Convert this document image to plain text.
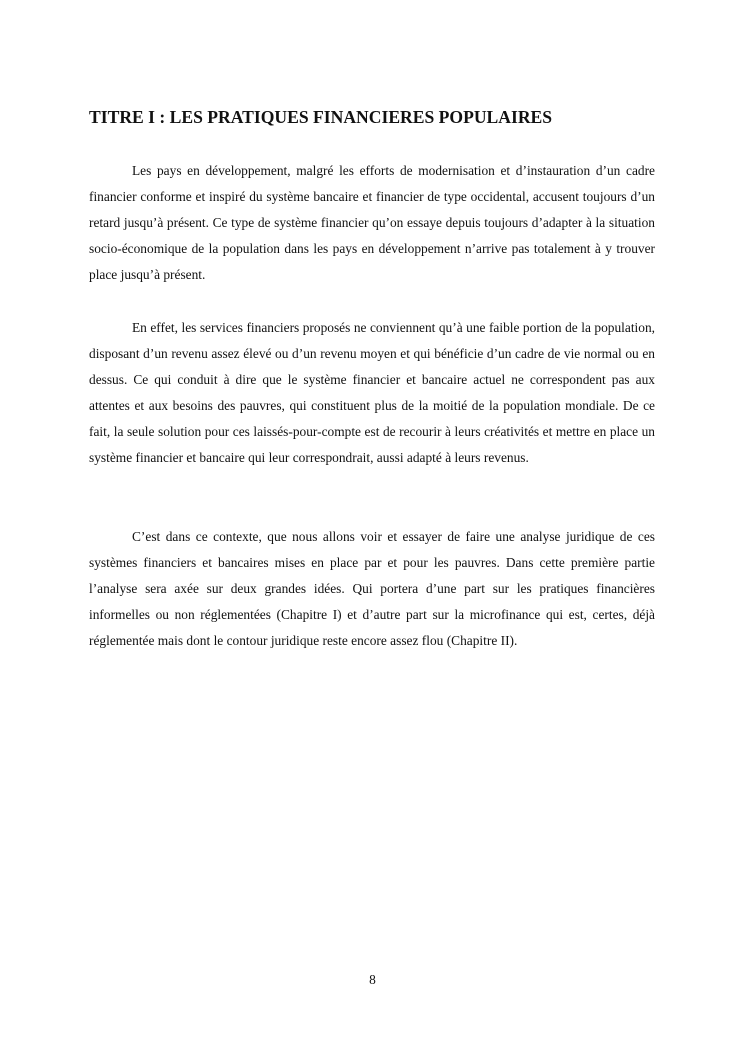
TITRE I : LES PRATIQUES FINANCIERES POPULAIRES

Les pays en développement, malgré les efforts de modernisation et d’instauration d’un cadre financier conforme et inspiré du système bancaire et financier de type occidental, accusent toujours d’un retard jusqu’à présent. Ce type de système financier qu’on essaye depuis toujours d’adapter à la situation socio-économique de la population dans les pays en développement n’arrive pas totalement à y trouver place jusqu’à présent.

En effet, les services financiers proposés ne conviennent qu’à une faible portion de la population, disposant d’un revenu assez élevé ou d’un revenu moyen et qui bénéficie d’un cadre de vie normal ou en dessus. Ce qui conduit à dire que le système financier et bancaire actuel ne correspondent pas aux attentes et aux besoins des pauvres, qui constituent plus de la moitié de la population mondiale. De ce fait, la seule solution pour ces laissés-pour-compte est de recourir à leurs créativités et mettre en place un système financier et bancaire qui leur correspondrait, aussi adapté à leurs revenus.

C’est dans ce contexte, que nous allons voir et essayer de faire une analyse juridique de ces systèmes financiers et bancaires mises en place par et pour les pauvres. Dans cette première partie l’analyse sera axée sur deux grandes idées. Qui portera d’une part sur les pratiques financières informelles ou non réglementées (Chapitre I) et d’autre part sur la microfinance qui est, certes, déjà réglementée mais dont le contour juridique reste encore assez flou (Chapitre II).

8
